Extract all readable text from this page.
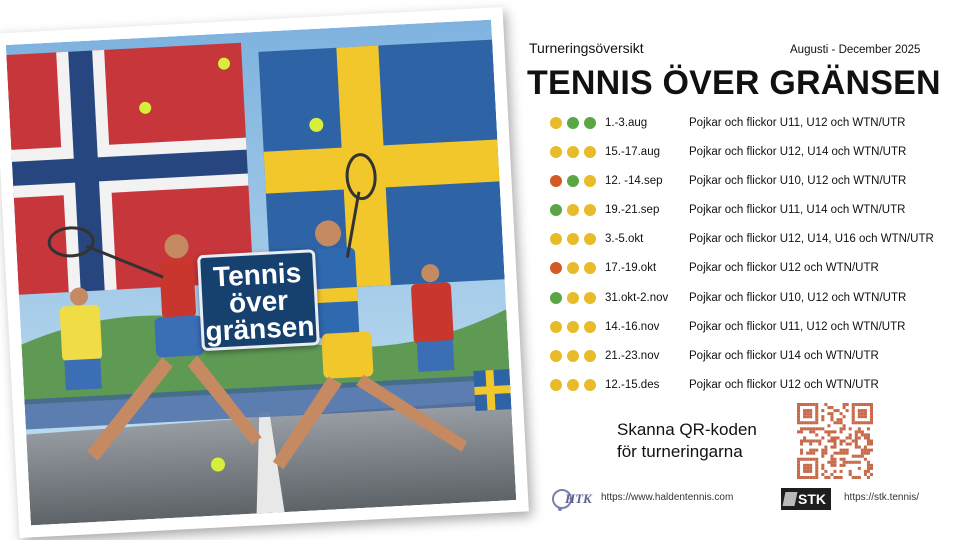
Tennis
över
gränsen
Turneringsöversikt	Augusti - December 2025
TENNIS ÖVER GRÄNSEN
1.-3.aug	Pojkar och flickor U11, U12 och WTN/UTR
15.-17.aug	Pojkar och flickor U12, U14 och WTN/UTR
12. -14.sep Pojkar och flickor U10, U12 och WTN/UTR
19.-21.sep	Pojkar och flickor U11, U14 och WTN/UTR
3.-5.okt	Pojkar och flickor U12, U14, U16 och WTN/UTR
17.-19.okt	Pojkar och flickor U12 och WTN/UTR
31.okt-2.nov Pojkar och flickor U10, U12 och WTN/UTR
14.-16.nov	Pojkar och flickor U11, U12 och WTN/UTR
21.-23.nov	Pojkar och flickor U14 och WTN/UTR
12.-15.des	Pojkar och flickor U12 och WTN/UTR
Skanna QR-koden
för turneringarna
HTK https://www.haldentennis.com	STK	https://stk.tennis/
